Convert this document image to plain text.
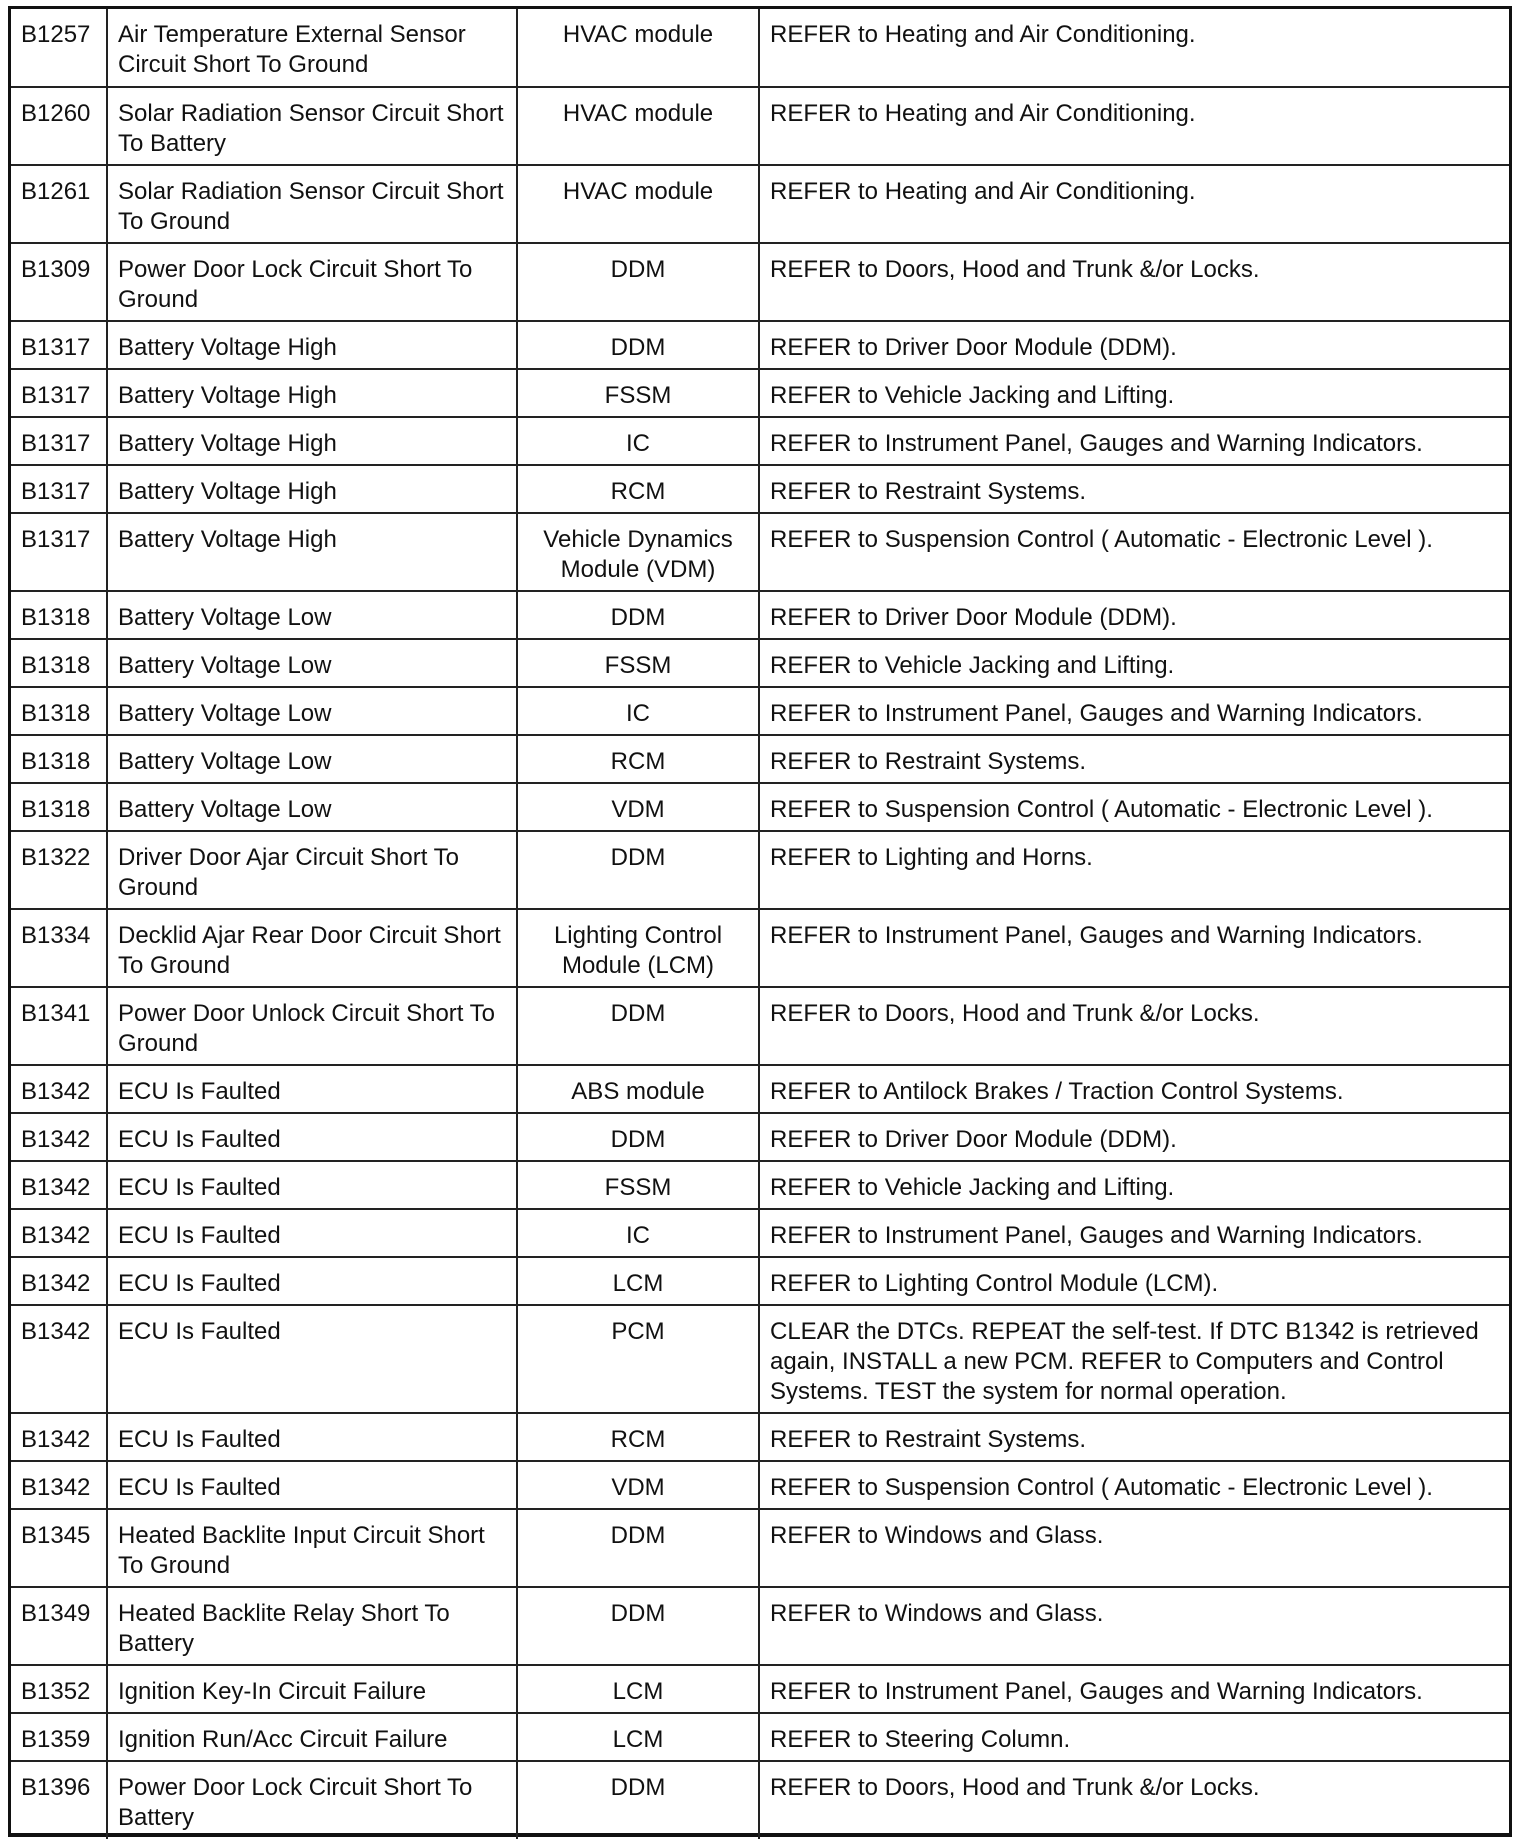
B1257	Air Temperature External Sensor Circuit Short To Ground	HVAC module	REFER to Heating and Air Conditioning.
B1260	Solar Radiation Sensor Circuit Short To Battery	HVAC module	REFER to Heating and Air Conditioning.
B1261	Solar Radiation Sensor Circuit Short To Ground	HVAC module	REFER to Heating and Air Conditioning.
B1309	Power Door Lock Circuit Short To Ground	DDM	REFER to Doors, Hood and Trunk &/or Locks.
B1317	Battery Voltage High	DDM	REFER to Driver Door Module (DDM).
B1317	Battery Voltage High	FSSM	REFER to Vehicle Jacking and Lifting.
B1317	Battery Voltage High	IC	REFER to Instrument Panel, Gauges and Warning Indicators.
B1317	Battery Voltage High	RCM	REFER to Restraint Systems.
B1317	Battery Voltage High	Vehicle Dynamics Module (VDM)	REFER to Suspension Control ( Automatic - Electronic Level ).
B1318	Battery Voltage Low	DDM	REFER to Driver Door Module (DDM).
B1318	Battery Voltage Low	FSSM	REFER to Vehicle Jacking and Lifting.
B1318	Battery Voltage Low	IC	REFER to Instrument Panel, Gauges and Warning Indicators.
B1318	Battery Voltage Low	RCM	REFER to Restraint Systems.
B1318	Battery Voltage Low	VDM	REFER to Suspension Control ( Automatic - Electronic Level ).
B1322	Driver Door Ajar Circuit Short To Ground	DDM	REFER to Lighting and Horns.
B1334	Decklid Ajar Rear Door Circuit Short To Ground	Lighting Control Module (LCM)	REFER to Instrument Panel, Gauges and Warning Indicators.
B1341	Power Door Unlock Circuit Short To Ground	DDM	REFER to Doors, Hood and Trunk &/or Locks.
B1342	ECU Is Faulted	ABS module	REFER to Antilock Brakes / Traction Control Systems.
B1342	ECU Is Faulted	DDM	REFER to Driver Door Module (DDM).
B1342	ECU Is Faulted	FSSM	REFER to Vehicle Jacking and Lifting.
B1342	ECU Is Faulted	IC	REFER to Instrument Panel, Gauges and Warning Indicators.
B1342	ECU Is Faulted	LCM	REFER to Lighting Control Module (LCM).
B1342	ECU Is Faulted	PCM	CLEAR the DTCs. REPEAT the self-test. If DTC B1342 is retrieved again, INSTALL a new PCM. REFER to Computers and Control Systems. TEST the system for normal operation.
B1342	ECU Is Faulted	RCM	REFER to Restraint Systems.
B1342	ECU Is Faulted	VDM	REFER to Suspension Control ( Automatic - Electronic Level ).
B1345	Heated Backlite Input Circuit Short To Ground	DDM	REFER to Windows and Glass.
B1349	Heated Backlite Relay Short To Battery	DDM	REFER to Windows and Glass.
B1352	Ignition Key-In Circuit Failure	LCM	REFER to Instrument Panel, Gauges and Warning Indicators.
B1359	Ignition Run/Acc Circuit Failure	LCM	REFER to Steering Column.
B1396	Power Door Lock Circuit Short To Battery	DDM	REFER to Doors, Hood and Trunk &/or Locks.
